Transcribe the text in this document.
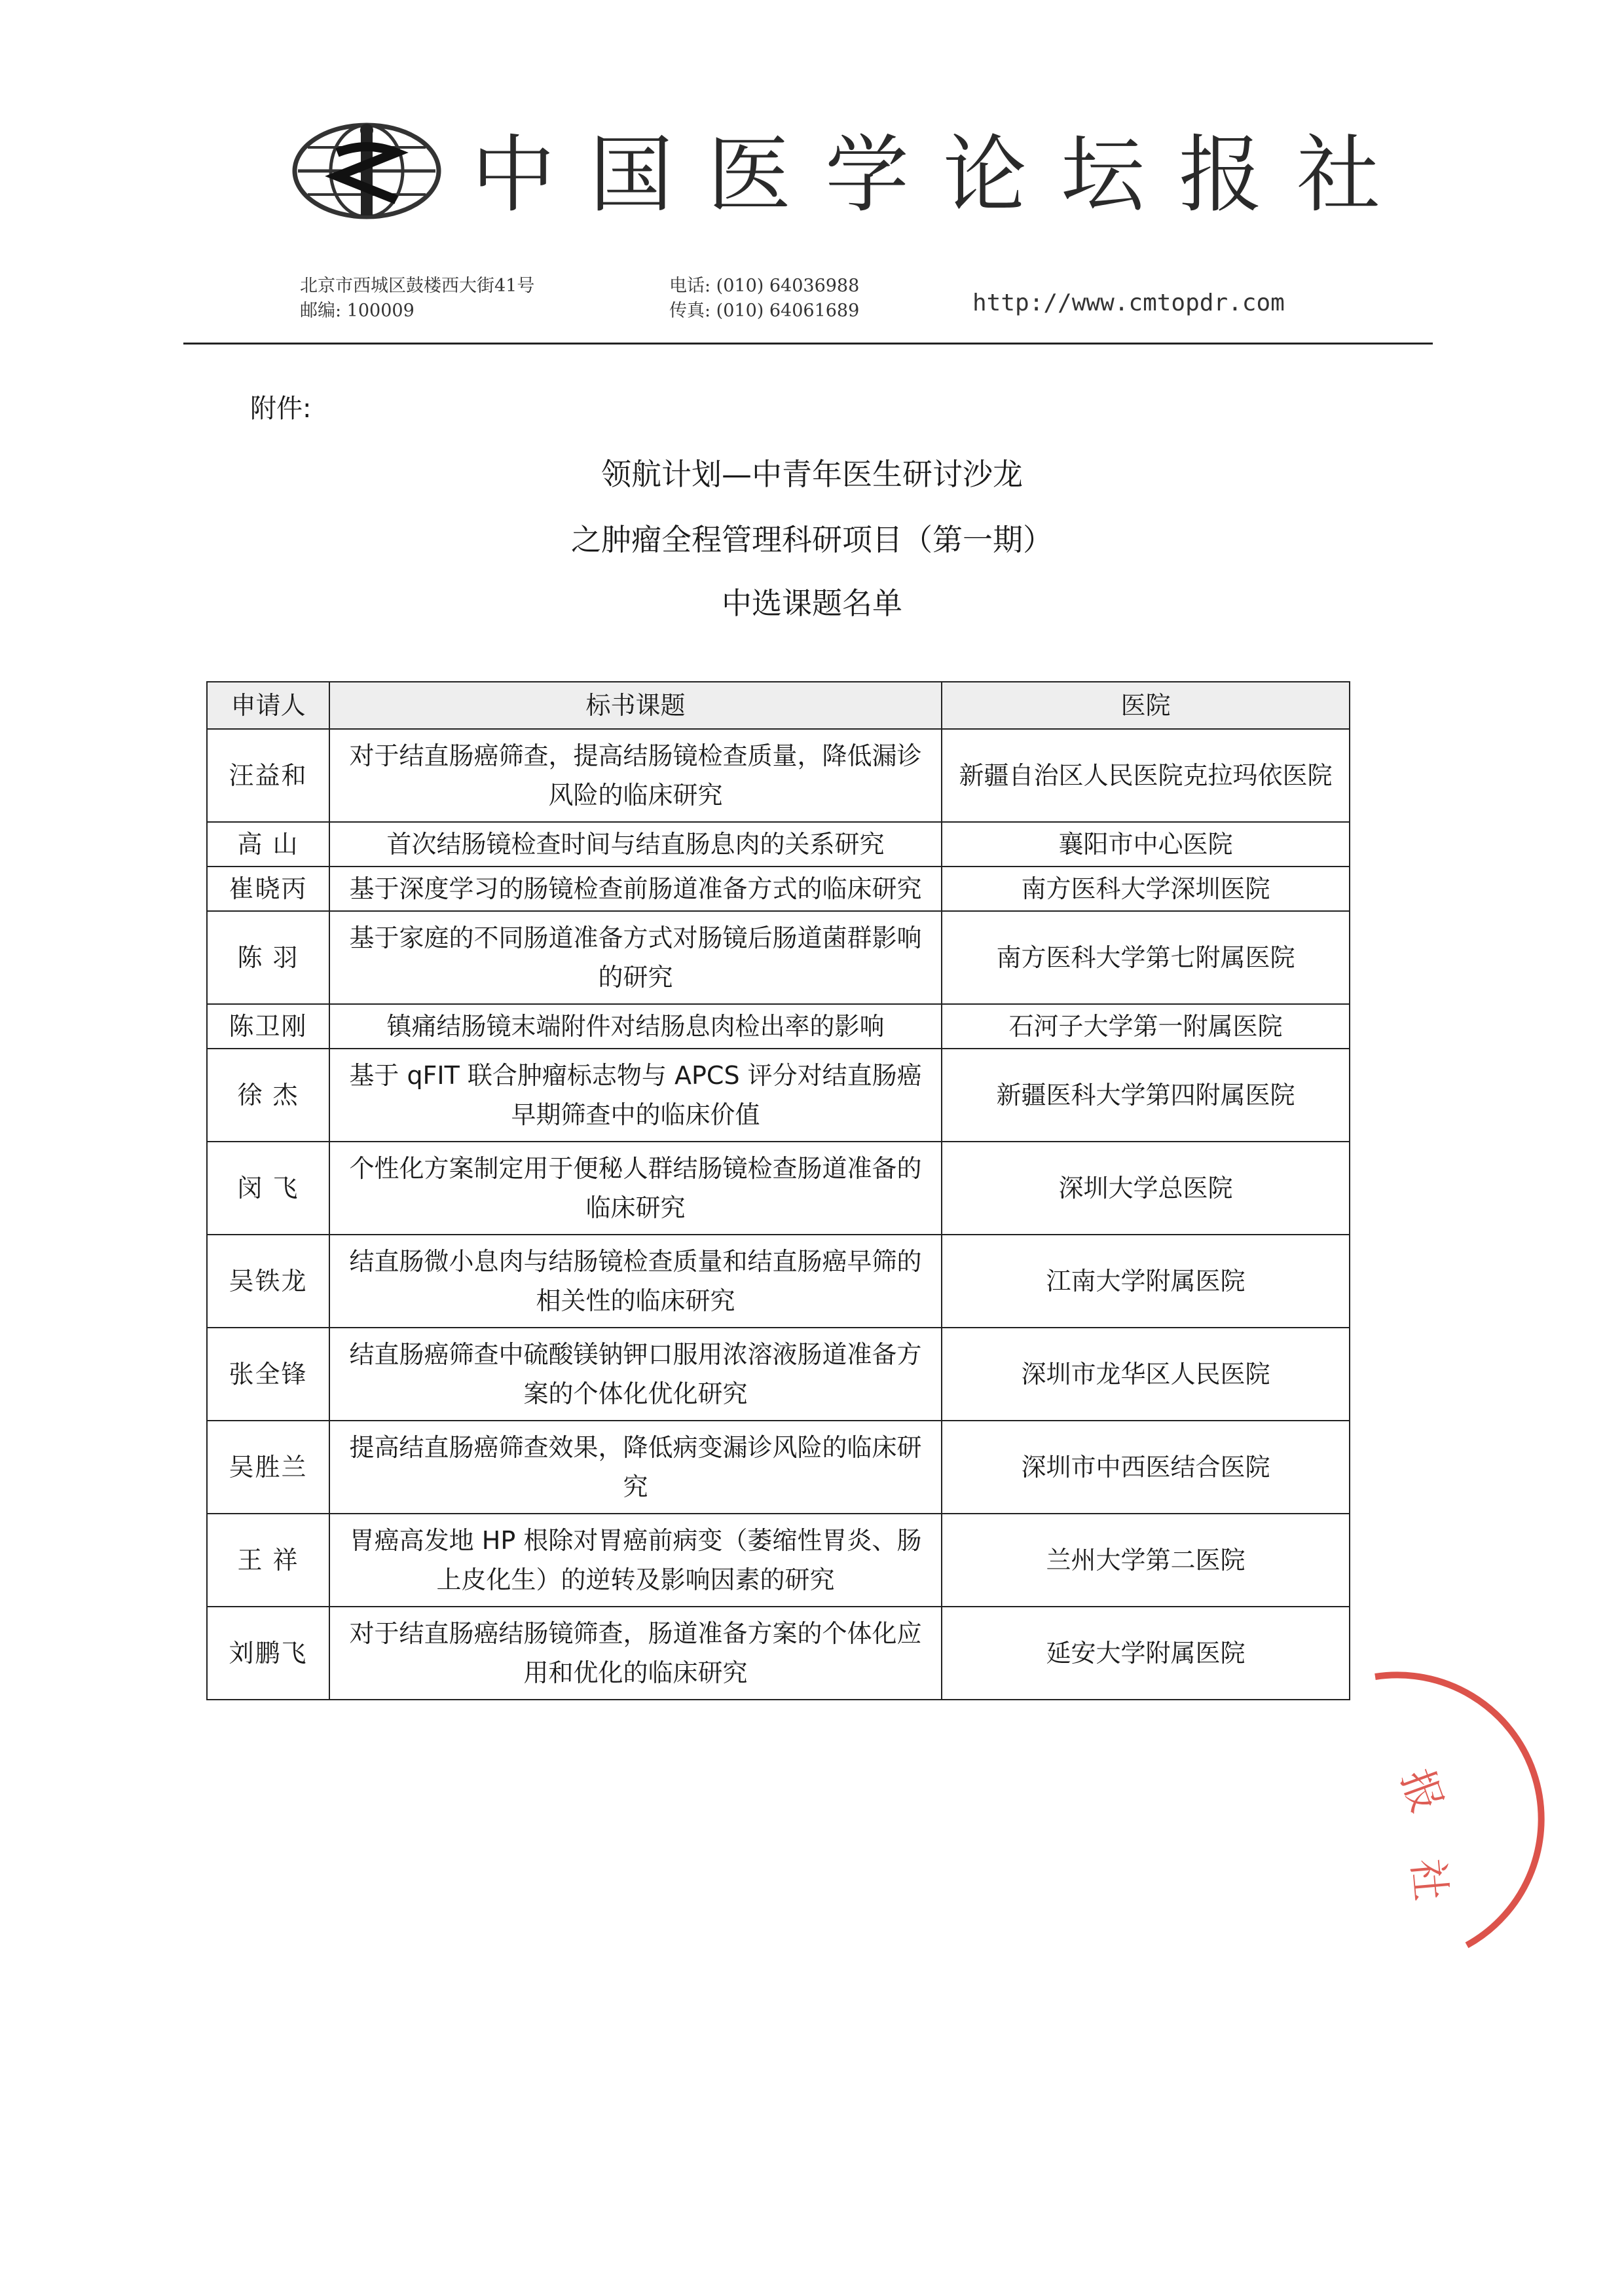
中国医学论坛报社
北京市西城区鼓楼西大街41号
邮编: 100009
电话: (010) 64036988
传真: (010) 64061689	http://www.cmtopdr.com
附件:
领航计划—中青年医生研讨沙龙
之肿瘤全程管理科研项目（第一期）
中选课题名单
申请人	标书课题	医院
汪益和	对于结直肠癌筛查，提高结肠镜检查质量，降低漏诊风险的临床研究	新疆自治区人民医院克拉玛依医院
高 山	首次结肠镜检查时间与结直肠息肉的关系研究	襄阳市中心医院
崔晓丙	基于深度学习的肠镜检查前肠道准备方式的临床研究	南方医科大学深圳医院
陈 羽	基于家庭的不同肠道准备方式对肠镜后肠道菌群影响的研究	南方医科大学第七附属医院
陈卫刚	镇痛结肠镜末端附件对结肠息肉检出率的影响	石河子大学第一附属医院
徐 杰	基于 qFIT 联合肿瘤标志物与 APCS 评分对结直肠癌早期筛查中的临床价值	新疆医科大学第四附属医院
闵 飞	个性化方案制定用于便秘人群结肠镜检查肠道准备的临床研究	深圳大学总医院
吴铁龙	结直肠微小息肉与结肠镜检查质量和结直肠癌早筛的相关性的临床研究	江南大学附属医院
张全锋	结直肠癌筛查中硫酸镁钠钾口服用浓溶液肠道准备方案的个体化优化研究	深圳市龙华区人民医院
吴胜兰	提高结直肠癌筛查效果，降低病变漏诊风险的临床研究	深圳市中西医结合医院
王 祥	胃癌高发地 HP 根除对胃癌前病变（萎缩性胃炎、肠上皮化生）的逆转及影响因素的研究	兰州大学第二医院
刘鹏飞	对于结直肠癌结肠镜筛查，肠道准备方案的个体化应用和优化的临床研究	延安大学附属医院
报
社
